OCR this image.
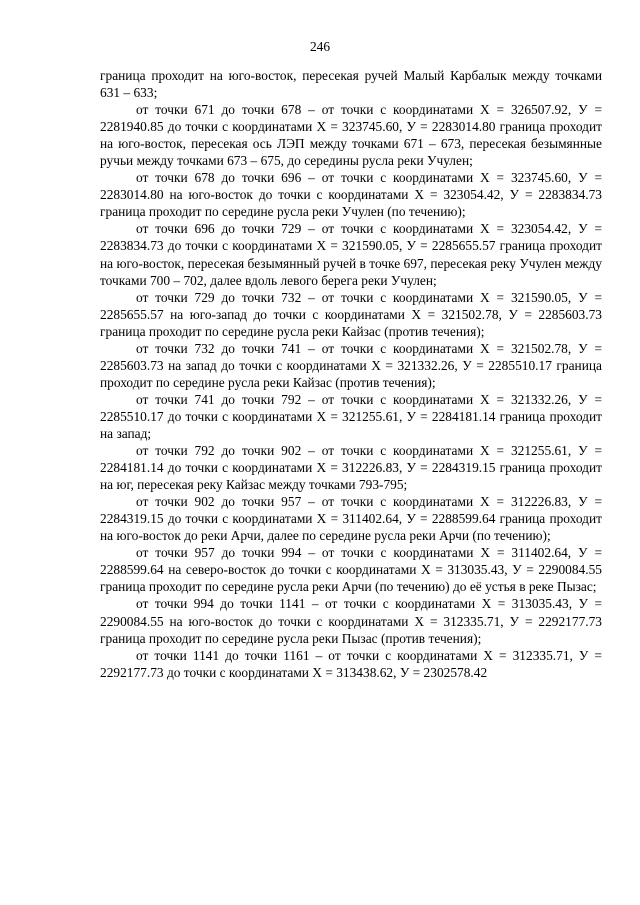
246

граница проходит на юго-восток, пересекая ручей Малый Карбалык между точками 631 – 633;

от точки 671 до точки 678 – от точки с координатами X = 326507.92, У = 2281940.85 до точки с координатами X = 323745.60, У = 2283014.80 граница проходит на юго-восток, пересекая ось ЛЭП между точками 671 – 673, пересекая безымянные ручьи между точками 673 – 675, до середины русла реки Учулен;

от точки 678 до точки 696 – от точки с координатами X = 323745.60, У = 2283014.80 на юго-восток до точки с координатами X = 323054.42, У = 2283834.73 граница проходит по середине русла реки Учулен (по течению);

от точки 696 до точки 729 – от точки с координатами X = 323054.42, У = 2283834.73 до точки с координатами X = 321590.05, У = 2285655.57 граница проходит на юго-восток, пересекая безымянный ручей в точке 697, пересекая реку Учулен между точками 700 – 702, далее вдоль левого берега реки Учулен;

от точки 729 до точки 732 – от точки с координатами X = 321590.05, У = 2285655.57 на юго-запад до точки с координатами X = 321502.78, У = 2285603.73 граница проходит по середине русла реки Кайзас (против течения);

от точки 732 до точки 741 – от точки с координатами X = 321502.78, У = 2285603.73 на запад до точки с координатами X = 321332.26, У = 2285510.17 граница проходит по середине русла реки Кайзас (против течения);

от точки 741 до точки 792 – от точки с координатами X = 321332.26, У = 2285510.17 до точки с координатами X = 321255.61, У = 2284181.14 граница проходит на запад;

от точки 792 до точки 902 – от точки с координатами X = 321255.61, У = 2284181.14 до точки с координатами X = 312226.83, У = 2284319.15 граница проходит на юг, пересекая реку Кайзас между точками 793-795;

от точки 902 до точки 957 – от точки с координатами X = 312226.83, У = 2284319.15 до точки с координатами X = 311402.64, У = 2288599.64 граница проходит на юго-восток до реки Арчи, далее по середине русла реки Арчи (по течению);

от точки 957 до точки 994 – от точки с координатами X = 311402.64, У = 2288599.64 на северо-восток до точки с координатами X = 313035.43, У = 2290084.55 граница проходит по середине русла реки Арчи (по течению) до её устья в реке Пызас;

от точки 994 до точки 1141 – от точки с координатами X = 313035.43, У = 2290084.55 на юго-восток до точки с координатами X = 312335.71, У = 2292177.73 граница проходит по середине русла реки Пызас (против течения);

от точки 1141 до точки 1161 – от точки с координатами X = 312335.71, У = 2292177.73 до точки с координатами X = 313438.62, У = 2302578.42
